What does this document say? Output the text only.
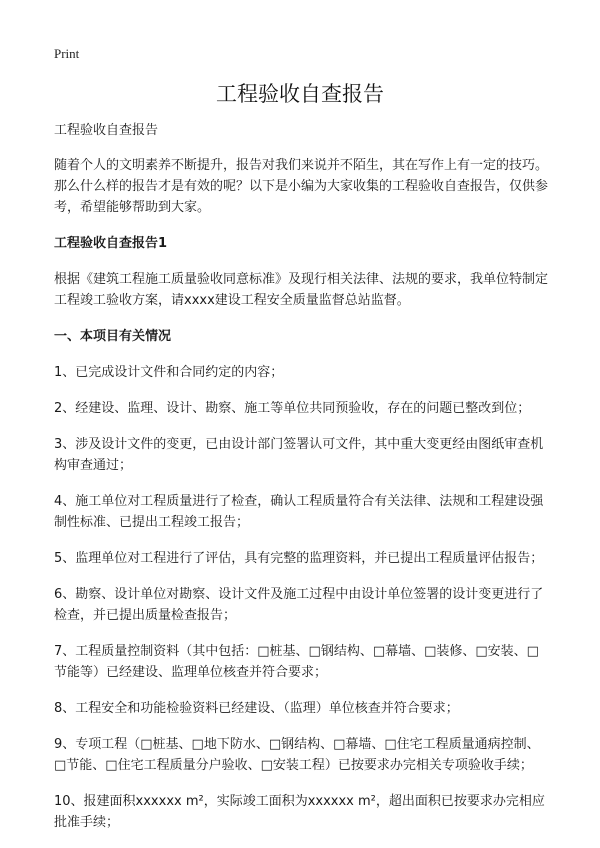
Print
工程验收自查报告

工程验收自查报告

随着个人的文明素养不断提升，报告对我们来说并不陌生，其在写作上有一定的技巧。那么什么样的报告才是有效的呢？以下是小编为大家收集的工程验收自查报告，仅供参考，希望能够帮助到大家。

工程验收自查报告1

根据《建筑工程施工质量验收同意标准》及现行相关法律、法规的要求，我单位特制定工程竣工验收方案，请xxxx建设工程安全质量监督总站监督。

一、本项目有关情况

1、已完成设计文件和合同约定的内容；

2、经建设、监理、设计、勘察、施工等单位共同预验收，存在的问题已整改到位；

3、涉及设计文件的变更，已由设计部门签署认可文件，其中重大变更经由图纸审查机构审查通过；

4、施工单位对工程质量进行了检查，确认工程质量符合有关法律、法规和工程建设强制性标准、已提出工程竣工报告；

5、监理单位对工程进行了评估，具有完整的监理资料，并已提出工程质量评估报告；

6、勘察、设计单位对勘察、设计文件及施工过程中由设计单位签署的设计变更进行了检查，并已提出质量检查报告；

7、工程质量控制资料（其中包括：□桩基、□钢结构、□幕墙、□装修、□安装、□节能等）已经建设、监理单位核查并符合要求；

8、工程安全和功能检验资料已经建设、（监理）单位核查并符合要求；

9、专项工程（□桩基、□地下防水、□钢结构、□幕墙、□住宅工程质量通病控制、□节能、□住宅工程质量分户验收、□安装工程）已按要求办完相关专项验收手续；

10、报建面积xxxxxx m²，实际竣工面积为xxxxxx m²，超出面积已按要求办完相应批准手续；
